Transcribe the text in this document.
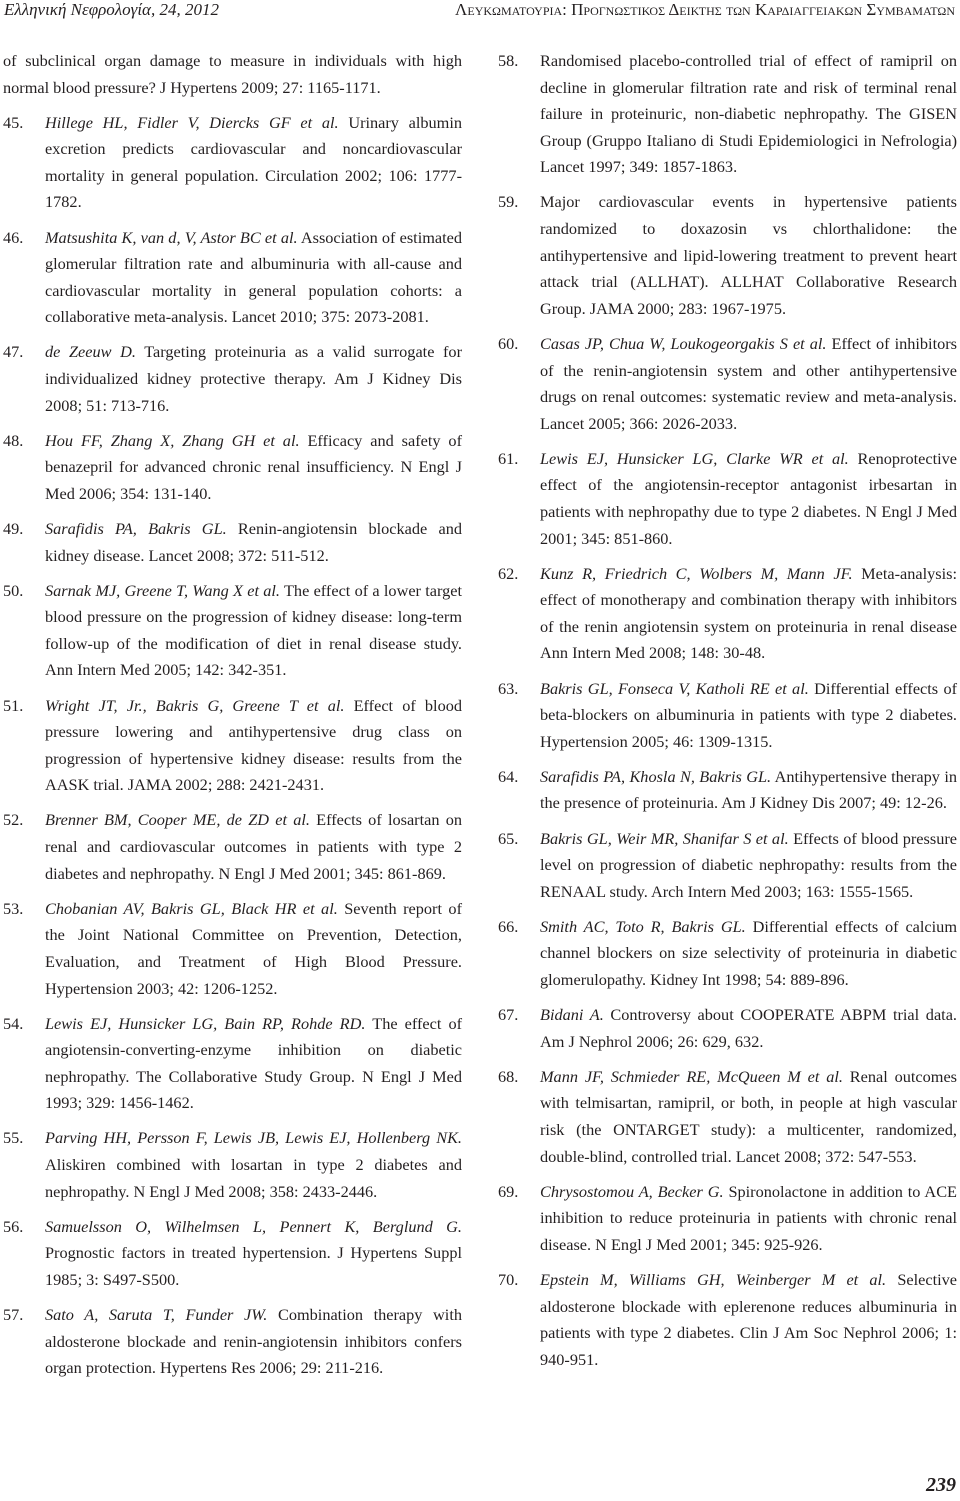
Ελληνική Νεφρολογία, 24, 2012	Λευκωματουρια: Προγνωστικος Δεικτης των Καρδιαγγειακων Συμβαματων

of subclinical organ damage to measure in individuals with high normal blood pressure? J Hypertens 2009; 27: 1165-1171.

45. Hillege HL, Fidler V, Diercks GF et al. Urinary albumin excretion predicts cardiovascular and noncardiovascular mortality in general population. Circulation 2002; 106: 1777-1782.

46. Matsushita K, van d, V, Astor BC et al. Association of estimated glomerular filtration rate and albuminuria with all-cause and cardiovascular mortality in general population cohorts: a collaborative meta-analysis. Lancet 2010; 375: 2073-2081.

47. de Zeeuw D. Targeting proteinuria as a valid surrogate for individualized kidney protective therapy. Am J Kidney Dis 2008; 51: 713-716.

48. Hou FF, Zhang X, Zhang GH et al. Efficacy and safety of benazepril for advanced chronic renal insufficiency. N Engl J Med 2006; 354: 131-140.

49. Sarafidis PA, Bakris GL. Renin-angiotensin blockade and kidney disease. Lancet 2008; 372: 511-512.

50. Sarnak MJ, Greene T, Wang X et al. The effect of a lower target blood pressure on the progression of kidney disease: long-term follow-up of the modification of diet in renal disease study. Ann Intern Med 2005; 142: 342-351.

51. Wright JT, Jr., Bakris G, Greene T et al. Effect of blood pressure lowering and antihypertensive drug class on progression of hypertensive kidney disease: results from the AASK trial. JAMA 2002; 288: 2421-2431.

52. Brenner BM, Cooper ME, de ZD et al. Effects of losartan on renal and cardiovascular outcomes in patients with type 2 diabetes and nephropathy. N Engl J Med 2001; 345: 861-869.

53. Chobanian AV, Bakris GL, Black HR et al. Seventh report of the Joint National Committee on Prevention, Detection, Evaluation, and Treatment of High Blood Pressure. Hypertension 2003; 42: 1206-1252.

54. Lewis EJ, Hunsicker LG, Bain RP, Rohde RD. The effect of angiotensin-converting-enzyme inhibition on diabetic nephropathy. The Collaborative Study Group. N Engl J Med 1993; 329: 1456-1462.

55. Parving HH, Persson F, Lewis JB, Lewis EJ, Hollenberg NK. Aliskiren combined with losartan in type 2 diabetes and nephropathy. N Engl J Med 2008; 358: 2433-2446.

56. Samuelsson O, Wilhelmsen L, Pennert K, Berglund G. Prognostic factors in treated hypertension. J Hypertens Suppl 1985; 3: S497-S500.

57. Sato A, Saruta T, Funder JW. Combination therapy with aldosterone blockade and renin-angiotensin inhibitors confers organ protection. Hypertens Res 2006; 29: 211-216.

58. Randomised placebo-controlled trial of effect of ramipril on decline in glomerular filtration rate and risk of terminal renal failure in proteinuric, non-diabetic nephropathy. The GISEN Group (Gruppo Italiano di Studi Epidemiologici in Nefrologia) Lancet 1997; 349: 1857-1863.

59. Major cardiovascular events in hypertensive patients randomized to doxazosin vs chlorthalidone: the antihypertensive and lipid-lowering treatment to prevent heart attack trial (ALLHAT). ALLHAT Collaborative Research Group. JAMA 2000; 283: 1967-1975.

60. Casas JP, Chua W, Loukogeorgakis S et al. Effect of inhibitors of the renin-angiotensin system and other antihypertensive drugs on renal outcomes: systematic review and meta-analysis. Lancet 2005; 366: 2026-2033.

61. Lewis EJ, Hunsicker LG, Clarke WR et al. Renoprotective effect of the angiotensin-receptor antagonist irbesartan in patients with nephropathy due to type 2 diabetes. N Engl J Med 2001; 345: 851-860.

62. Kunz R, Friedrich C, Wolbers M, Mann JF. Meta-analysis: effect of monotherapy and combination therapy with inhibitors of the renin angiotensin system on proteinuria in renal disease Ann Intern Med 2008; 148: 30-48.

63. Bakris GL, Fonseca V, Katholi RE et al. Differential effects of beta-blockers on albuminuria in patients with type 2 diabetes. Hypertension 2005; 46: 1309-1315.

64. Sarafidis PA, Khosla N, Bakris GL. Antihypertensive therapy in the presence of proteinuria. Am J Kidney Dis 2007; 49: 12-26.

65. Bakris GL, Weir MR, Shanifar S et al. Effects of blood pressure level on progression of diabetic nephropathy: results from the RENAAL study. Arch Intern Med 2003; 163: 1555-1565.

66. Smith AC, Toto R, Bakris GL. Differential effects of calcium channel blockers on size selectivity of proteinuria in diabetic glomerulopathy. Kidney Int 1998; 54: 889-896.

67. Bidani A. Controversy about COOPERATE ABPM trial data. Am J Nephrol 2006; 26: 629, 632.

68. Mann JF, Schmieder RE, McQueen M et al. Renal outcomes with telmisartan, ramipril, or both, in people at high vascular risk (the ONTARGET study): a multicenter, randomized, double-blind, controlled trial. Lancet 2008; 372: 547-553.

69. Chrysostomou A, Becker G. Spironolactone in addition to ACE inhibition to reduce proteinuria in patients with chronic renal disease. N Engl J Med 2001; 345: 925-926.

70. Epstein M, Williams GH, Weinberger M et al. Selective aldosterone blockade with eplerenone reduces albuminuria in patients with type 2 diabetes. Clin J Am Soc Nephrol 2006; 1: 940-951.

239
